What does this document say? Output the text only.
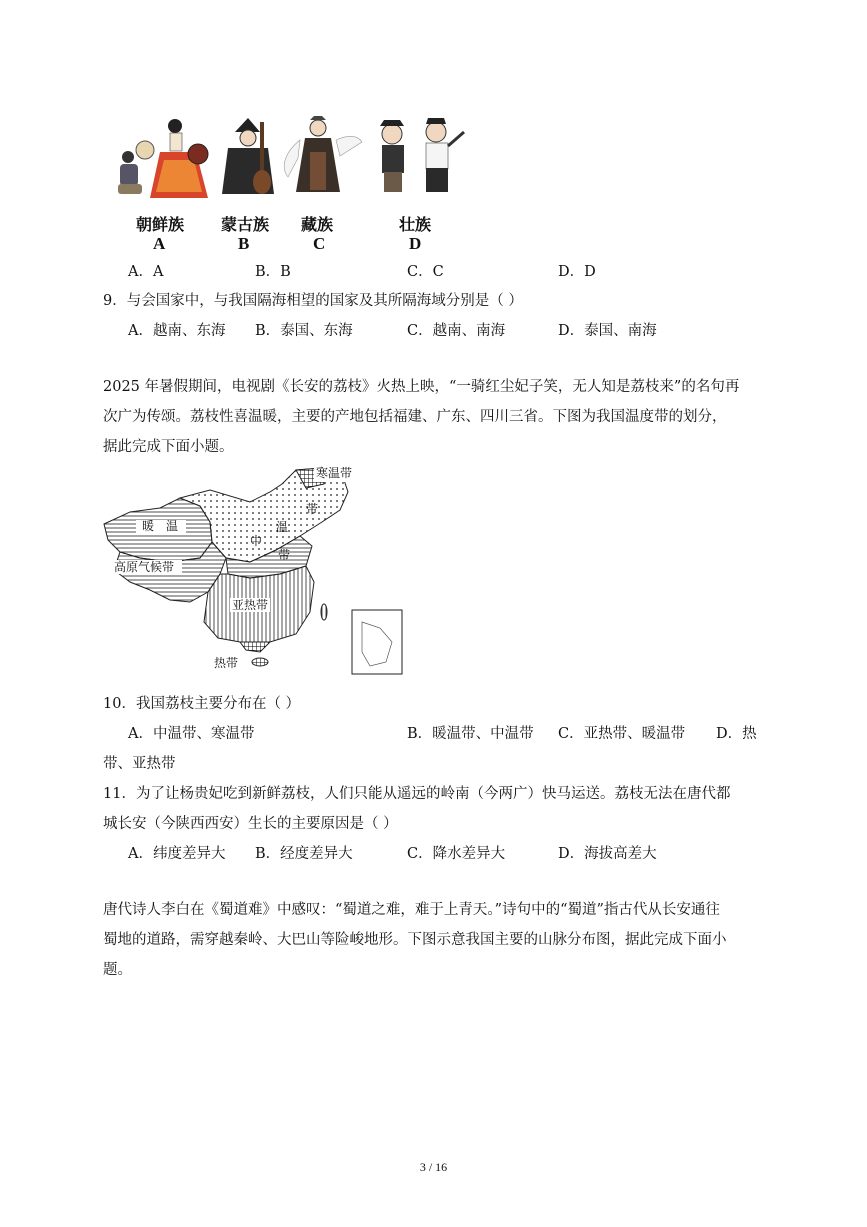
朝鲜族	蒙古族	藏族	壮族
A	B	C	D
A．A	B．B	C．C	D．D
9．与会国家中，与我国隔海相望的国家及其所隔海域分别是（ ）
A．越南、东海 B．泰国、东海	C．越南、南海	D．泰国、南海
2025 年暑假期间，电视剧《长安的荔枝》火热上映，“一骑红尘妃子笑，无人知是荔枝来”的名句再
次广为传颂。荔枝性喜温暖，主要的产地包括福建、广东、四川三省。下图为我国温度带的划分，
据此完成下面小题。
寒温带
暖　温
中
温
带
带
高原气候带
亚热带
热带
10．我国荔枝主要分布在（ ）
A．中温带、寒温带	B．暖温带、中温带 C．亚热带、暖温带 D．热
带、亚热带
11．为了让杨贵妃吃到新鲜荔枝，人们只能从遥远的岭南（今两广）快马运送。荔枝无法在唐代都
城长安（今陕西西安）生长的主要原因是（ ）
A．纬度差异大 B．经度差异大	C．降水差异大	D．海拔高差大
唐代诗人李白在《蜀道难》中感叹：“蜀道之难，难于上青天。”诗句中的“蜀道”指古代从长安通往
蜀地的道路，需穿越秦岭、大巴山等险峻地形。下图示意我国主要的山脉分布图，据此完成下面小
题。
3 / 16
